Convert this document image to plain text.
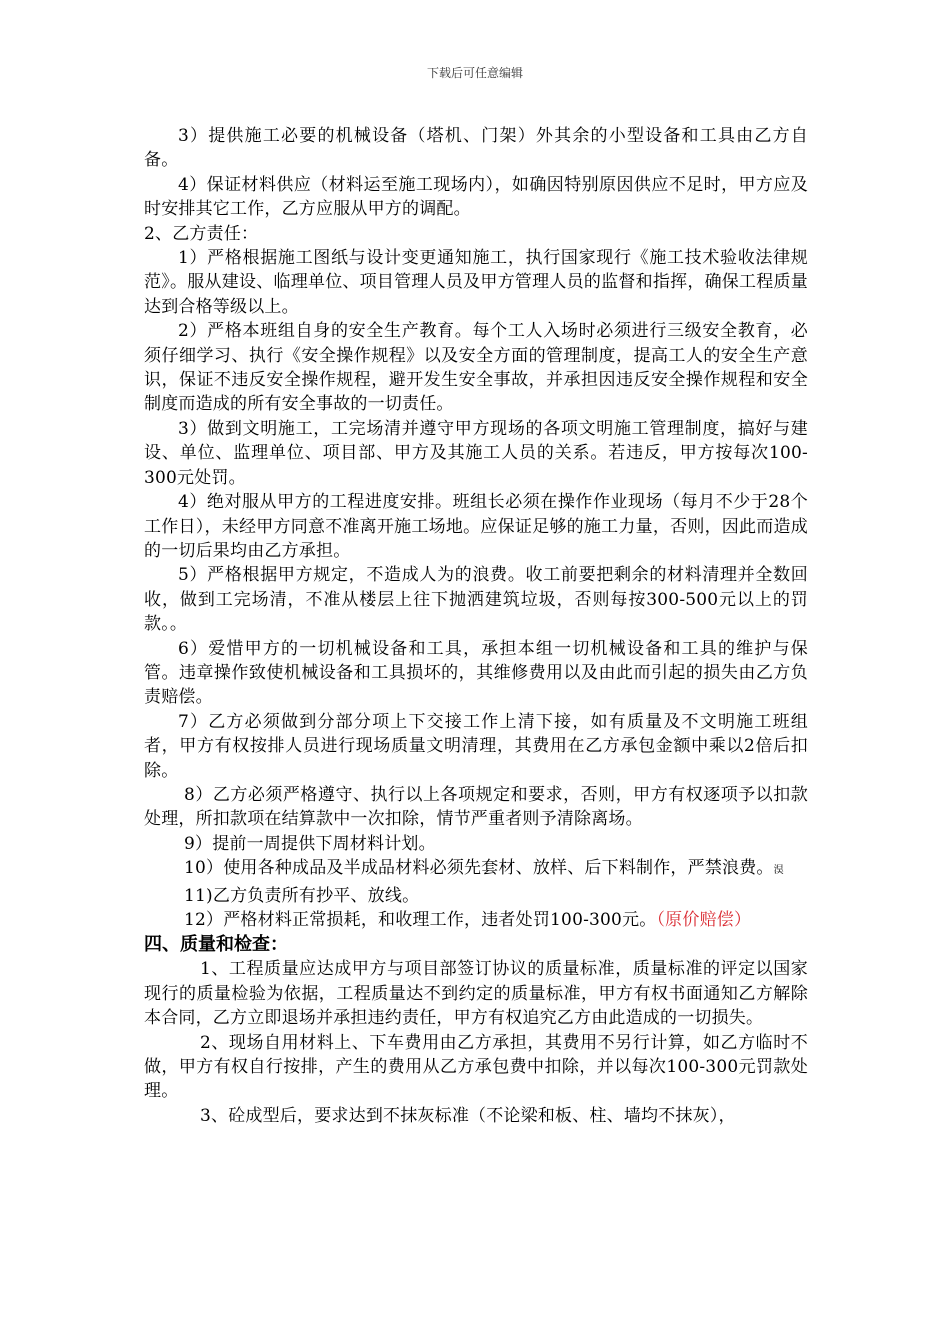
下载后可任意编辑

3）提供施工必要的机械设备（塔机、门架）外其余的小型设备和工具由乙方自备。

4）保证材料供应（材料运至施工现场内），如确因特别原因供应不足时，甲方应及时安排其它工作，乙方应服从甲方的调配。

2、乙方责任：

1）严格根据施工图纸与设计变更通知施工，执行国家现行《施工技术验收法律规范》。服从建设、临理单位、项目管理人员及甲方管理人员的监督和指挥，确保工程质量达到合格等级以上。

2）严格本班组自身的安全生产教育。每个工人入场时必须进行三级安全教育，必须仔细学习、执行《安全操作规程》以及安全方面的管理制度，提高工人的安全生产意识，保证不违反安全操作规程，避开发生安全事故，并承担因违反安全操作规程和安全制度而造成的所有安全事故的一切责任。

3）做到文明施工，工完场清并遵守甲方现场的各项文明施工管理制度，搞好与建设、单位、监理单位、项目部、甲方及其施工人员的关系。若违反，甲方按每次100-300元处罚。

4）绝对服从甲方的工程进度安排。班组长必须在操作作业现场（每月不少于28个工作日），未经甲方同意不准离开施工场地。应保证足够的施工力量，否则，因此而造成的一切后果均由乙方承担。

5）严格根据甲方规定，不造成人为的浪费。收工前要把剩余的材料清理并全数回收，做到工完场清，不准从楼层上往下抛洒建筑垃圾，否则每按300-500元以上的罚款。。

6）爱惜甲方的一切机械设备和工具，承担本组一切机械设备和工具的维护与保管。违章操作致使机械设备和工具损坏的，其维修费用以及由此而引起的损失由乙方负责赔偿。

7）乙方必须做到分部分项上下交接工作上清下接，如有质量及不文明施工班组者，甲方有权按排人员进行现场质量文明清理，其费用在乙方承包金额中乘以2倍后扣除。

8）乙方必须严格遵守、执行以上各项规定和要求，否则，甲方有权逐项予以扣款处理，所扣款项在结算款中一次扣除，情节严重者则予清除离场。

9）提前一周提供下周材料计划。

10）使用各种成品及半成品材料必须先套材、放样、后下料制作，严禁浪费。淏

11)乙方负责所有抄平、放线。

12）严格材料正常损耗，和收理工作，违者处罚100-300元。（原价赔偿）

四、质量和检查：

1、工程质量应达成甲方与项目部签订协议的质量标准，质量标准的评定以国家现行的质量检验为依据，工程质量达不到约定的质量标准，甲方有权书面通知乙方解除本合同，乙方立即退场并承担违约责任，甲方有权追究乙方由此造成的一切损失。

2、现场自用材料上、下车费用由乙方承担，其费用不另行计算，如乙方临时不做，甲方有权自行按排，产生的费用从乙方承包费中扣除，并以每次100-300元罚款处理。

3、砼成型后，要求达到不抹灰标准（不论梁和板、柱、墙均不抹灰），
